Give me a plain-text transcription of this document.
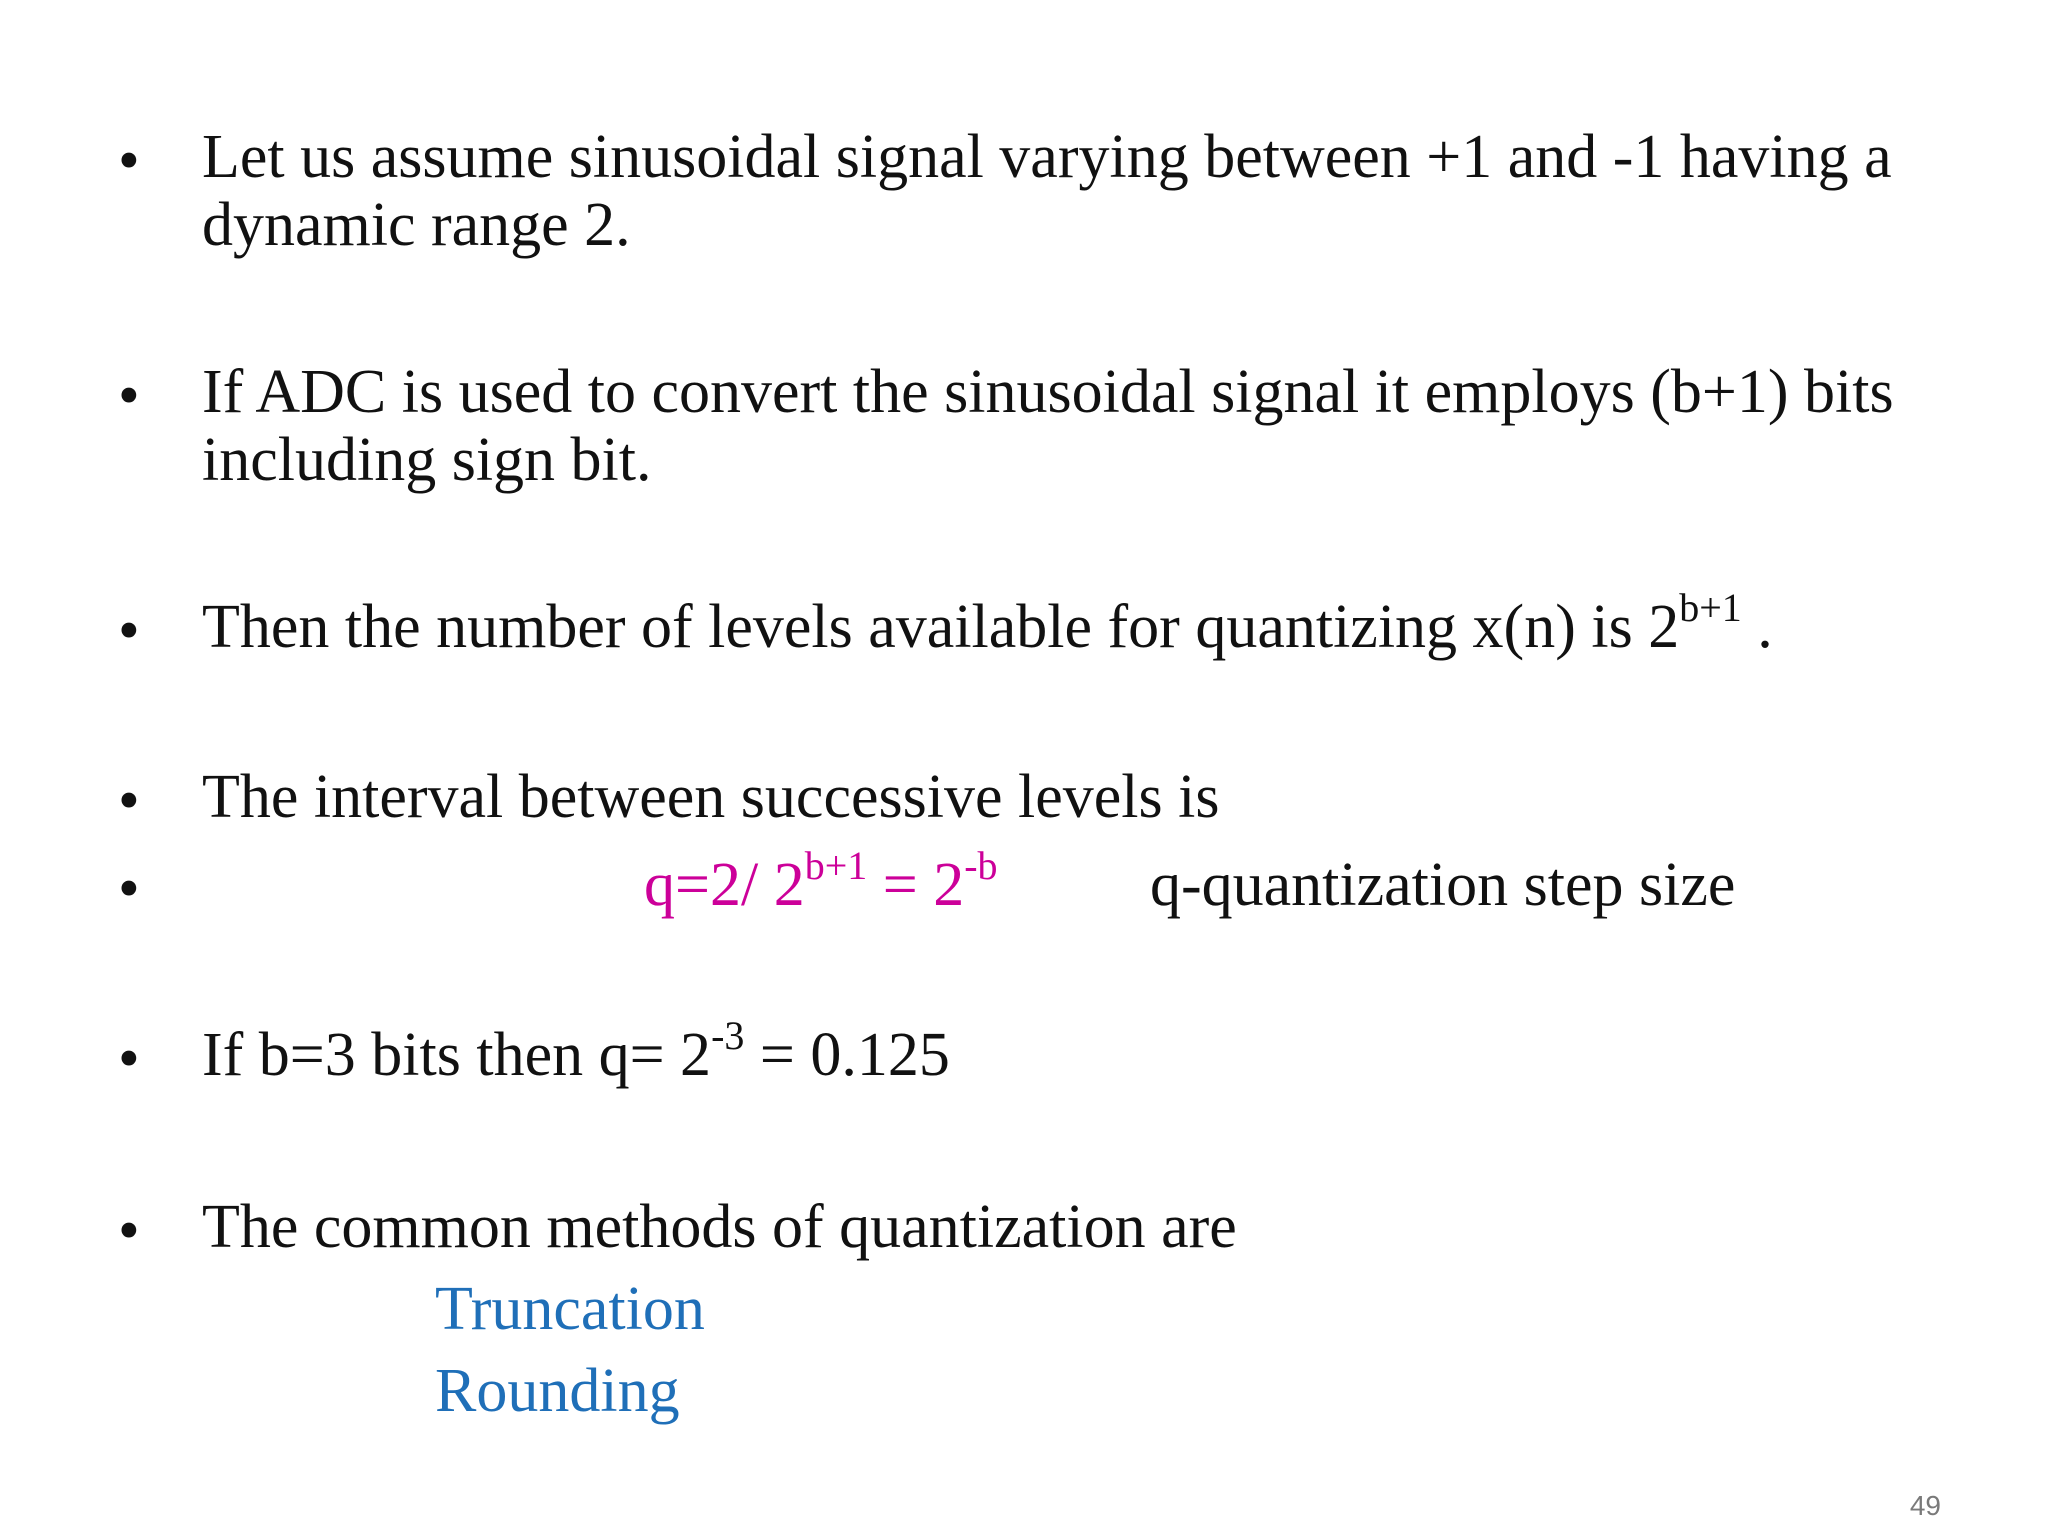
• Let us assume sinusoidal signal varying between +1 and -1 having a
dynamic range 2.
• If ADC is used to convert the sinusoidal signal it employs (b+1) bits
including sign bit.
• Then the number of levels available for quantizing x(n) is $2^{b+1}$ .
• The interval between successive levels is
•	q=2/ $2^{b+1} = 2^{-b}$ q-quantization step size
• If b=3 bits then $q= 2^{-3} = 0.125$
• The common methods of quantization are
Truncation
Rounding
49
